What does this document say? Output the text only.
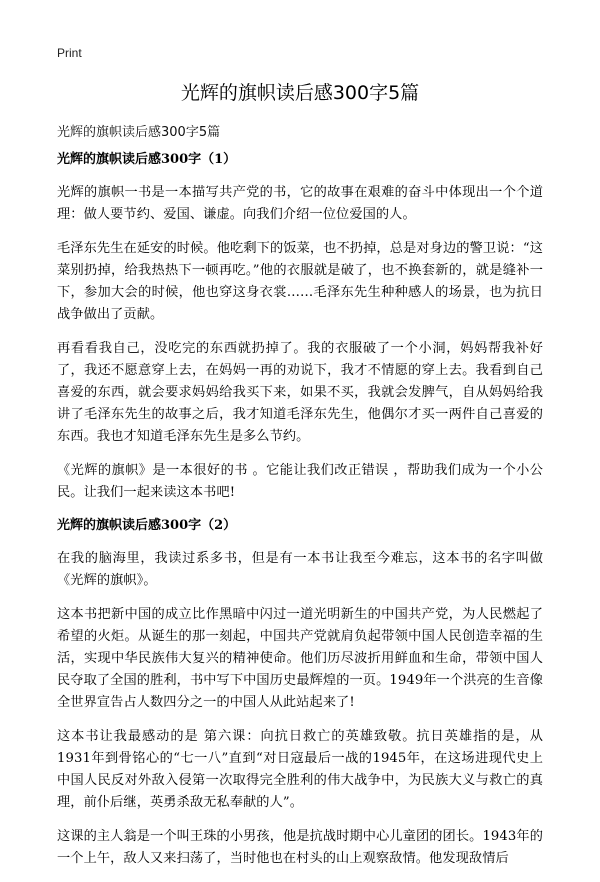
Print
光辉的旗帜读后感300字5篇
光辉的旗帜读后感300字5篇
光辉的旗帜读后感300字（1）
光辉的旗帜一书是一本描写共产党的书，它的故事在艰难的奋斗中体现出一个个道理：做人要节约、爱国、谦虚。向我们介绍一位位爱国的人。
毛泽东先生在延安的时候。他吃剩下的饭菜，也不扔掉，总是对身边的警卫说：“这菜别扔掉，给我热热下一顿再吃。”他的衣服就是破了，也不换套新的，就是缝补一下，参加大会的时候，他也穿这身衣裳……毛泽东先生种种感人的场景，也为抗日战争做出了贡献。
再看看我自己，没吃完的东西就扔掉了。我的衣服破了一个小洞，妈妈帮我补好了，我还不愿意穿上去，在妈妈一再的劝说下，我才不情愿的穿上去。我看到自己喜爱的东西，就会要求妈妈给我买下来，如果不买，我就会发脾气，自从妈妈给我讲了毛泽东先生的故事之后，我才知道毛泽东先生，他偶尔才买一两件自己喜爱的东西。我也才知道毛泽东先生是多么节约。
《光辉的旗帜》是一本很好的书 。它能让我们改正错误 ，帮助我们成为一个小公民。让我们一起来读这本书吧!
光辉的旗帜读后感300字（2）
在我的脑海里，我读过系多书，但是有一本书让我至今难忘，这本书的名字叫做《光辉的旗帜》。
这本书把新中国的成立比作黑暗中闪过一道光明新生的中国共产党，为人民燃起了希望的火炬。从诞生的那一刻起，中国共产党就肩负起带领中国人民创造幸福的生活，实现中华民族伟大复兴的精神使命。他们历尽波折用鲜血和生命，带领中国人民夺取了全国的胜利，书中写下中国历史最辉煌的一页。1949年一个洪亮的生音像全世界宣告占人数四分之一的中国人从此站起来了!
这本书让我最感动的是 第六课：向抗日救亡的英雄致敬。抗日英雄指的是，从1931年到骨铭心的“七一八”直到“对日寇最后一战的1945年，在这场进现代史上中国人民反对外敌入侵第一次取得完全胜利的伟大战争中，为民族大义与救亡的真理，前仆后继，英勇杀敌无私奉献的人”。
这课的主人翁是一个叫王珠的小男孩，他是抗战时期中心儿童团的团长。1943年的一个上午，敌人又来扫荡了，当时他也在村头的山上观察敌情。他发现敌情后
